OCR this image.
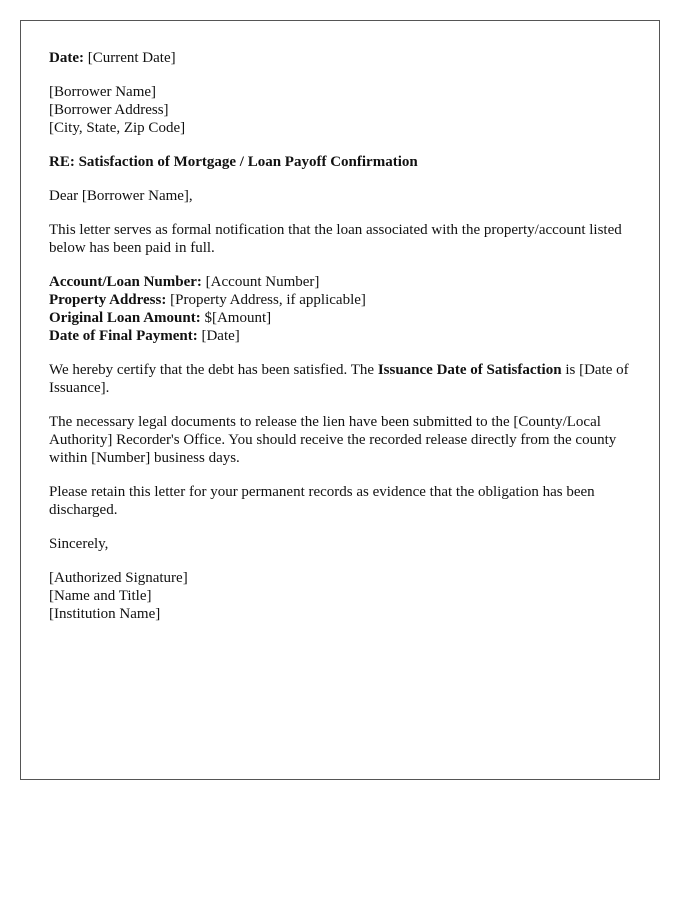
Date: [Current Date]

[Borrower Name]
[Borrower Address]
[City, State, Zip Code]

RE: Satisfaction of Mortgage / Loan Payoff Confirmation

Dear [Borrower Name],

This letter serves as formal notification that the loan associated with the property/account listed below has been paid in full.

Account/Loan Number: [Account Number]
Property Address: [Property Address, if applicable]
Original Loan Amount: $[Amount]
Date of Final Payment: [Date]

We hereby certify that the debt has been satisfied. The Issuance Date of Satisfaction is [Date of Issuance].

The necessary legal documents to release the lien have been submitted to the [County/Local Authority] Recorder's Office. You should receive the recorded release directly from the county within [Number] business days.

Please retain this letter for your permanent records as evidence that the obligation has been discharged.

Sincerely,

[Authorized Signature]
[Name and Title]
[Institution Name]
